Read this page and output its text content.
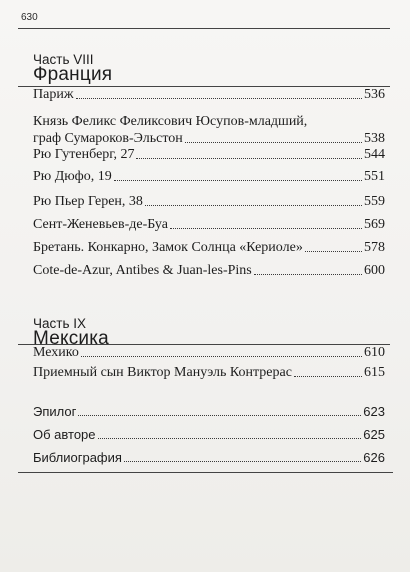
630
Часть VIII
Франция
Париж	536
Князь Феликс Феликсович Юсупов-младший,
граф Сумароков-Эльстон	538
Рю Гутенберг, 27	544
Рю Дюфо, 19	551
Рю Пьер Герен, 38	559
Сент-Женевьев-де-Буа	569
Бретань. Конкарно, Замок Солнца «Кериоле»	578
Cote-de-Azur, Antibes & Juan-les-Pins	600
Часть IX
Мексика
Мехико	610
Приемный сын Виктор Мануэль Контрерас	615
Эпилог	623
Об авторе	625
Библиография	626
